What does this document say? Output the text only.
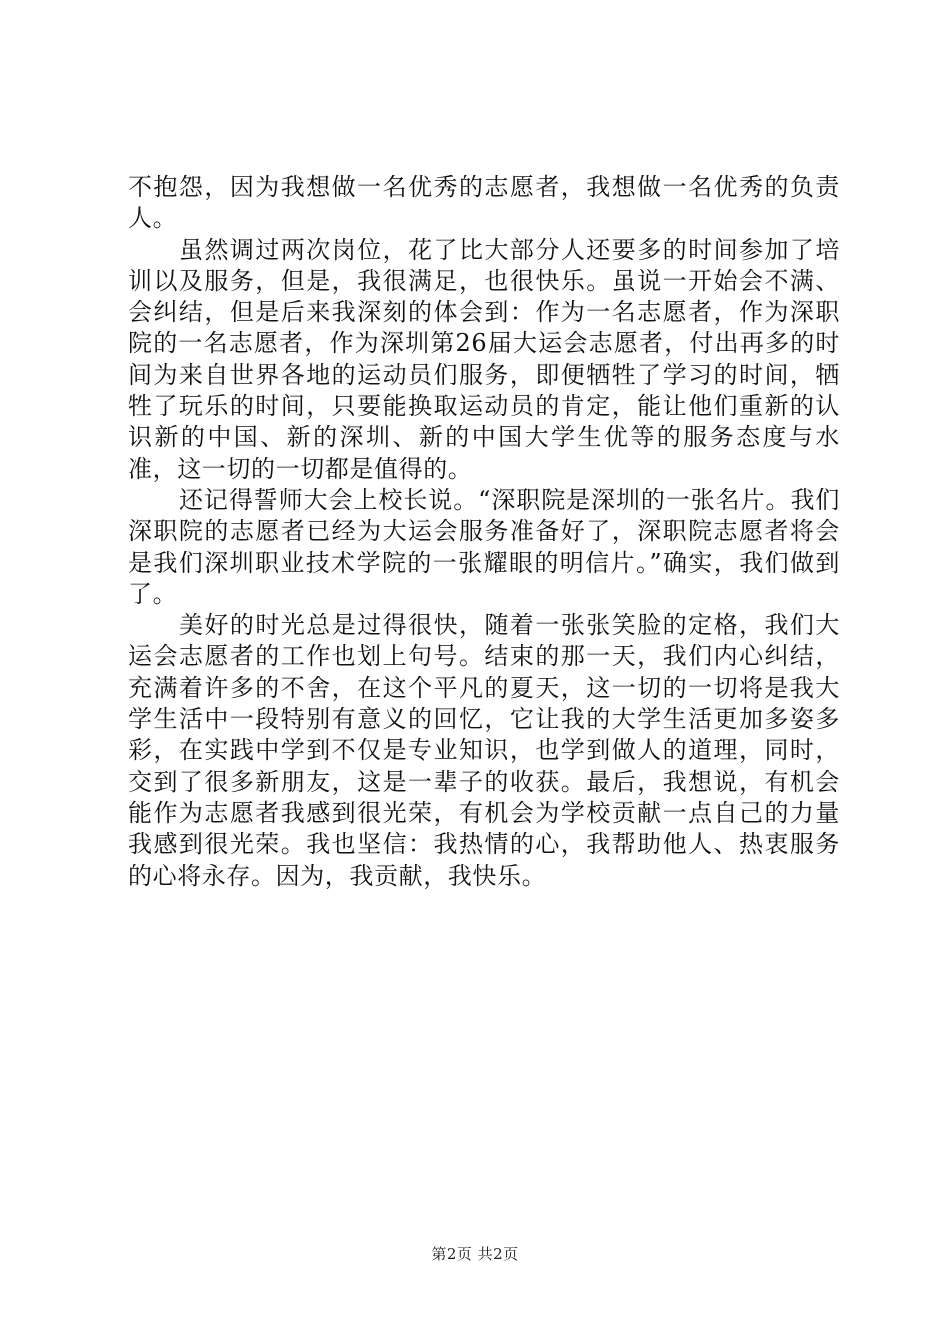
不抱怨，因为我想做一名优秀的志愿者，我想做一名优秀的负责人。

虽然调过两次岗位，花了比大部分人还要多的时间参加了培训以及服务，但是，我很满足，也很快乐。虽说一开始会不满、会纠结，但是后来我深刻的体会到：作为一名志愿者，作为深职院的一名志愿者，作为深圳第26届大运会志愿者，付出再多的时间为来自世界各地的运动员们服务，即便牺牲了学习的时间，牺牲了玩乐的时间，只要能换取运动员的肯定，能让他们重新的认识新的中国、新的深圳、新的中国大学生优等的服务态度与水准，这一切的一切都是值得的。

还记得誓师大会上校长说。“深职院是深圳的一张名片。我们深职院的志愿者已经为大运会服务准备好了，深职院志愿者将会是我们深圳职业技术学院的一张耀眼的明信片。”确实，我们做到了。

美好的时光总是过得很快，随着一张张笑脸的定格，我们大运会志愿者的工作也划上句号。结束的那一天，我们内心纠结，充满着许多的不舍，在这个平凡的夏天，这一切的一切将是我大学生活中一段特别有意义的回忆，它让我的大学生活更加多姿多彩，在实践中学到不仅是专业知识，也学到做人的道理，同时，交到了很多新朋友，这是一辈子的收获。最后，我想说，有机会能作为志愿者我感到很光荣，有机会为学校贡献一点自己的力量我感到很光荣。我也坚信：我热情的心，我帮助他人、热衷服务的心将永存。因为，我贡献，我快乐。

第2页 共2页
